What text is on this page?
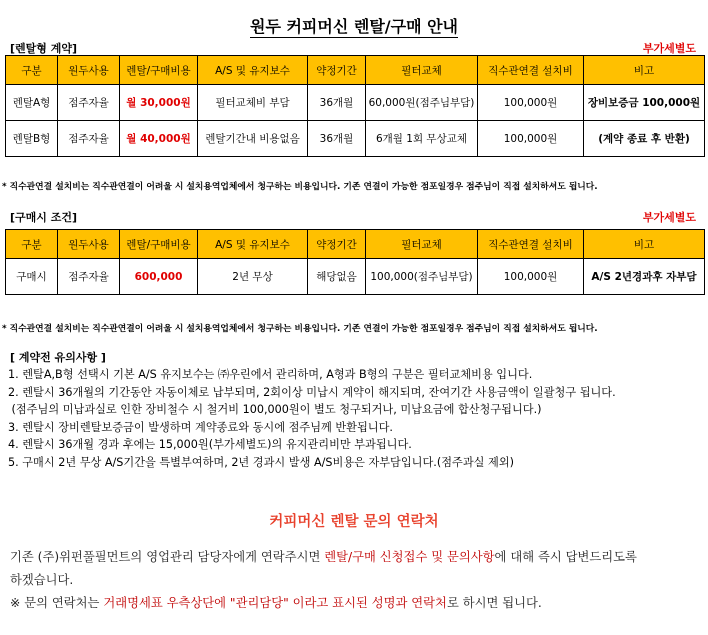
원두 커피머신 렌탈/구매 안내
[렌탈형 계약]	부가세별도
구분	원두사용	렌탈/구매비용	A/S 및 유지보수	약정기간	필터교체	직수관연결 설치비	비고
렌탈A형	점주자율	월 30,000원	필터교체비 부담	36개월	60,000원(점주님부담)	100,000원	장비보증금 100,000원
렌탈B형	점주자율	월 40,000원	렌탈기간내 비용없음	36개월	6개월 1회 무상교체	100,000원	(계약 종료 후 반환)
* 직수관연결 설치비는 직수관연결이 어려울 시 설치용역업체에서 청구하는 비용입니다. 기존 연결이 가능한 점포일경우 점주님이 직접 설치하셔도 됩니다.
[구매시 조건]	부가세별도
구분	원두사용	렌탈/구매비용	A/S 및 유지보수	약정기간	필터교체	직수관연결 설치비	비고
구매시	점주자율	600,000	2년 무상	해당없음	100,000(점주님부담)	100,000원	A/S 2년경과후 자부담
* 직수관연결 설치비는 직수관연결이 어려울 시 설치용역업체에서 청구하는 비용입니다. 기존 연결이 가능한 점포일경우 점주님이 직접 설치하셔도 됩니다.
[ 계약전 유의사항 ]
1. 렌탈A,B형 선택시 기본 A/S 유지보수는 ㈜우린에서 관리하며, A형과 B형의 구분은 필터교체비용 입니다.
2. 렌탈시 36개월의 기간동안 자동이체로 납부되며, 2회이상 미납시 계약이 해지되며, 잔여기간 사용금액이 일괄청구 됩니다.
(점주님의 미납과실로 인한 장비철수 시 철거비 100,000원이 별도 청구되거나, 미납요금에 합산청구됩니다.)
3. 렌탈시 장비렌탈보증금이 발생하며 계약종료와 동시에 점주님께 반환됩니다.
4. 렌탈시 36개월 경과 후에는 15,000원(부가세별도)의 유지관리비만 부과됩니다.
5. 구매시 2년 무상 A/S기간을 특별부여하며, 2년 경과시 발생 A/S비용은 자부담입니다.(점주과실 제외)
커피머신 렌탈 문의 연락처
기존 (주)위펀풀필먼트의 영업관리 담당자에게 연락주시면 렌탈/구매 신청접수 및 문의사항에 대해 즉시 답변드리도록
하겠습니다.
※ 문의 연락처는 거래명세표 우측상단에 "관리담당" 이라고 표시된 성명과 연락처로 하시면 됩니다.
